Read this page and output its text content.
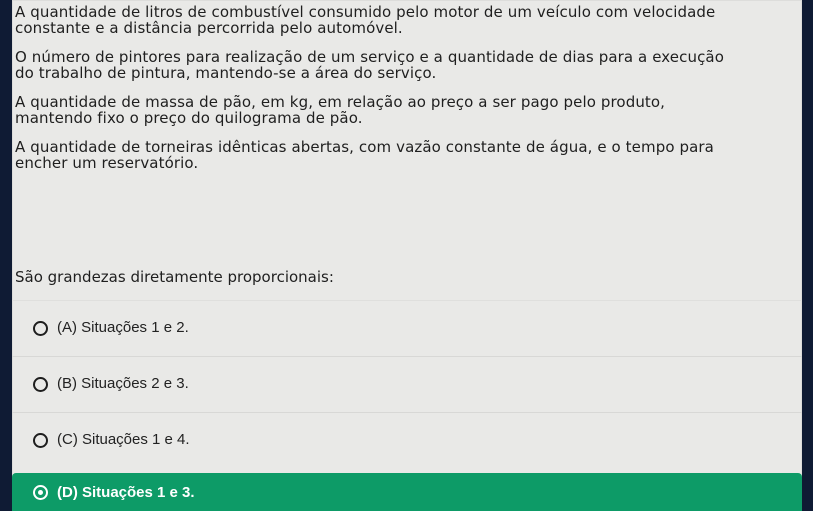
A quantidade de litros de combustível consumido pelo motor de um veículo com velocidade
constante e a distância percorrida pelo automóvel.
O número de pintores para realização de um serviço e a quantidade de dias para a execução
do trabalho de pintura, mantendo-se a área do serviço.
A quantidade de massa de pão, em kg, em relação ao preço a ser pago pelo produto,
mantendo fixo o preço do quilograma de pão.
A quantidade de torneiras idênticas abertas, com vazão constante de água, e o tempo para
encher um reservatório.
São grandezas diretamente proporcionais:
(A) Situações 1 e 2.
(B) Situações 2 e 3.
(C) Situações 1 e 4.
(D) Situações 1 e 3.
